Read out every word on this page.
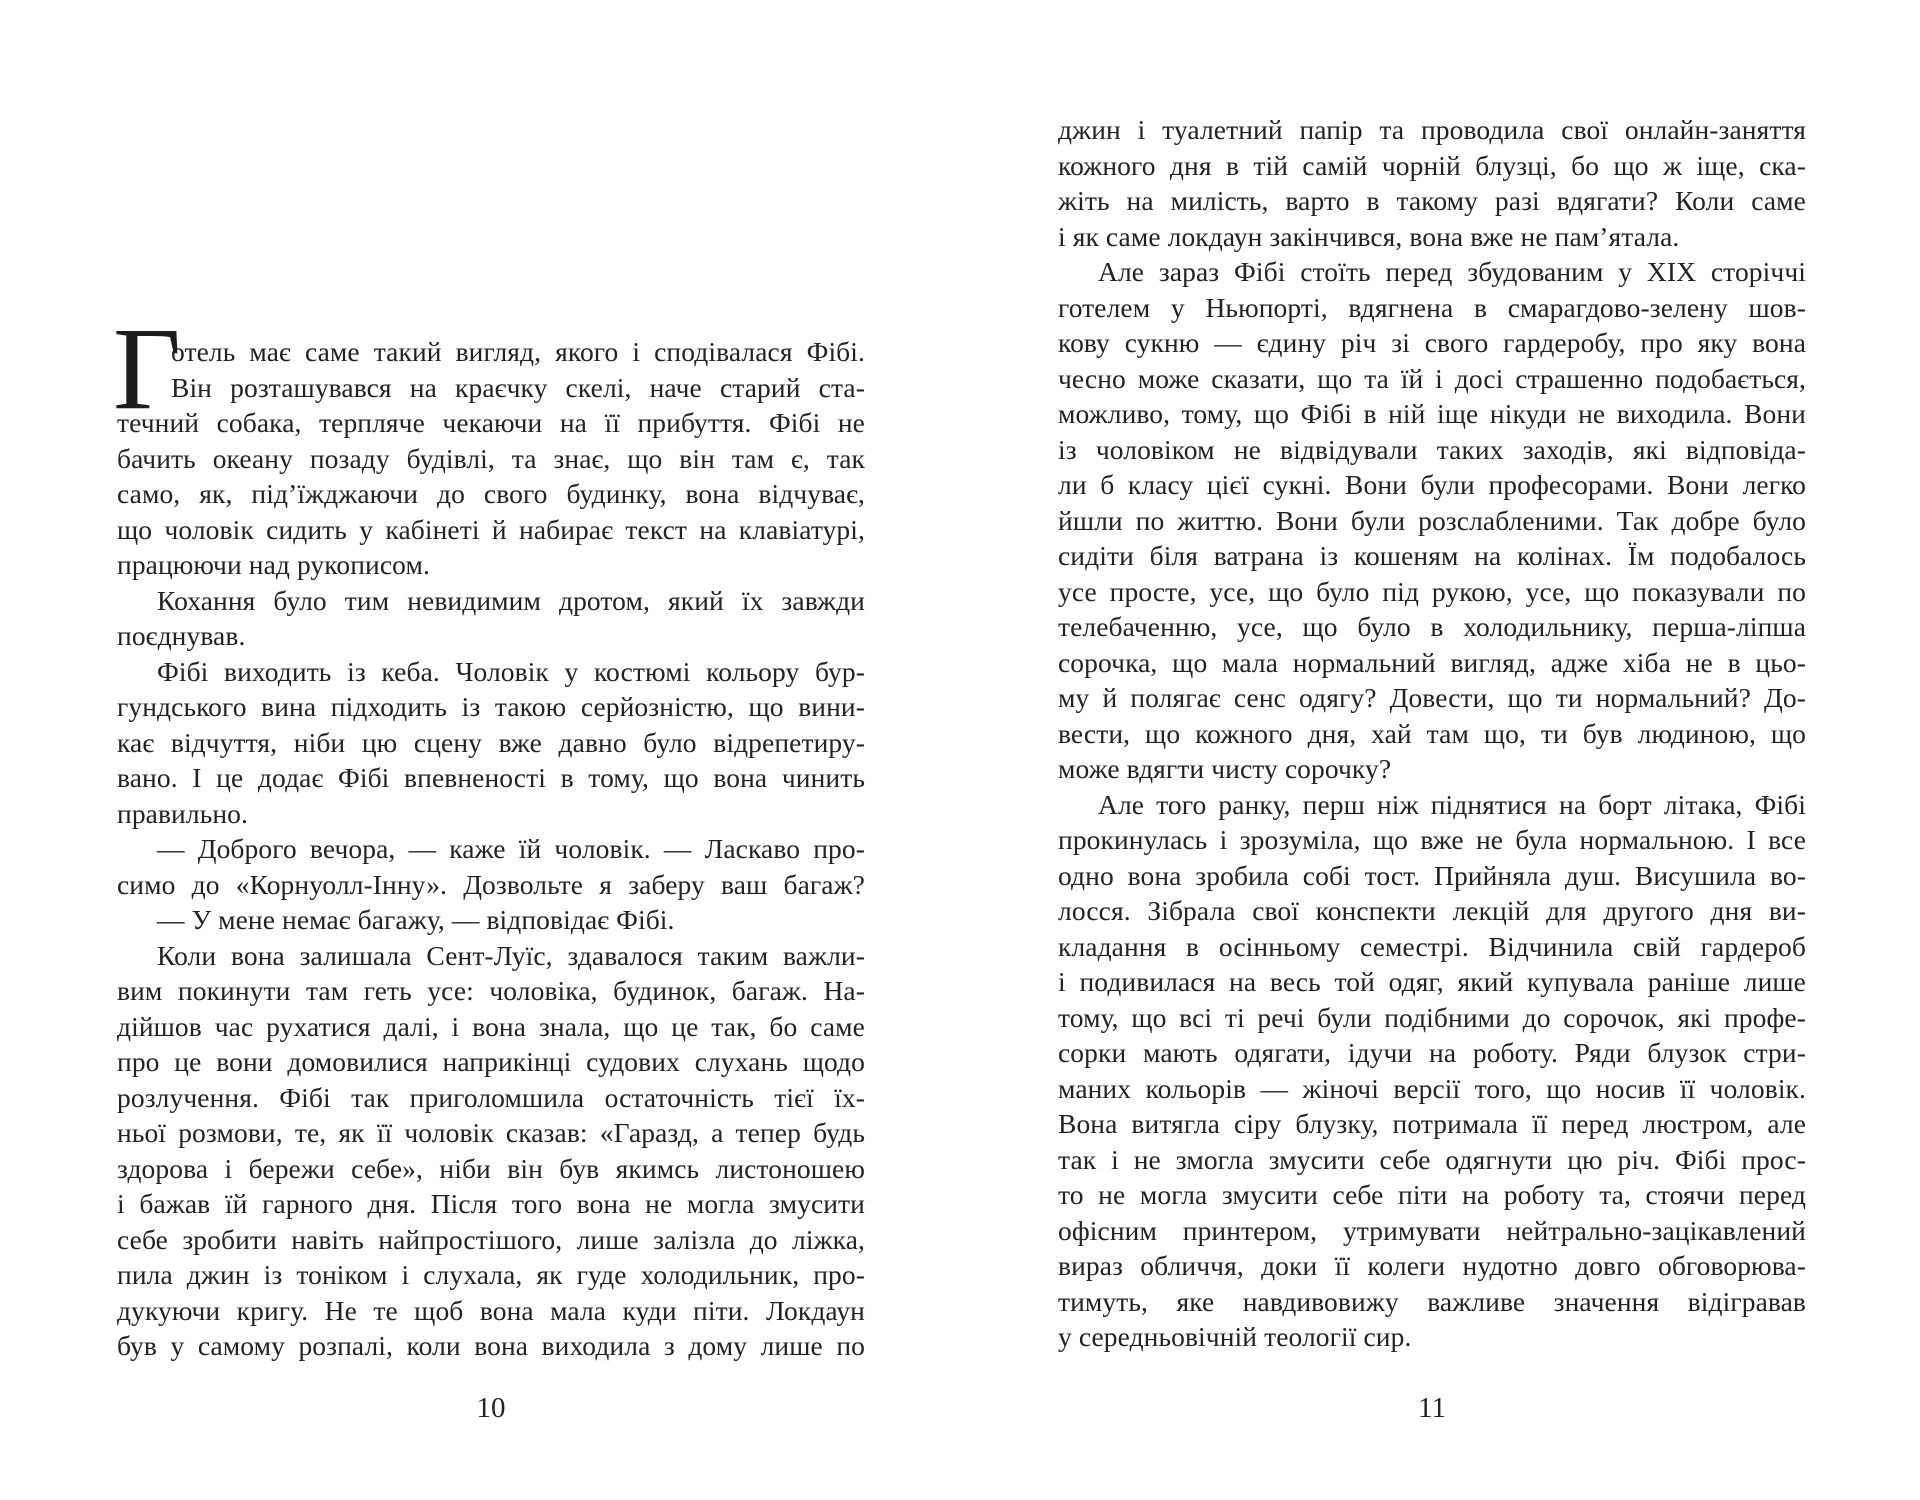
Г
отель має саме такий вигляд, якого і сподівалася Фібі.
Він розташувався на краєчку скелі, наче старий ста-
течний собака, терпляче чекаючи на її прибуття. Фібі не
бачить океану позаду будівлі, та знає, що він там є, так
само, як, під’їжджаючи до свого будинку, вона відчуває,
що чоловік сидить у кабінеті й набирає текст на клавіатурі,
працюючи над рукописом.
Кохання було тим невидимим дротом, який їх завжди
поєднував.
Фібі виходить із кеба. Чоловік у костюмі кольору бур-
гундського вина підходить із такою серйозністю, що вини-
кає відчуття, ніби цю сцену вже давно було відрепетиру-
вано. І це додає Фібі впевненості в тому, що вона чинить
правильно.
— Доброго вечора, — каже їй чоловік. — Ласкаво про-
симо до «Корнуолл-Інну». Дозвольте я заберу ваш багаж?
— У мене немає багажу, — відповідає Фібі.
Коли вона залишала Сент-Луїс, здавалося таким важли-
вим покинути там геть усе: чоловіка, будинок, багаж. На-
дійшов час рухатися далі, і вона знала, що це так, бо саме
про це вони домовилися наприкінці судових слухань щодо
розлучення. Фібі так приголомшила остаточність тієї їх-
ньої розмови, те, як її чоловік сказав: «Гаразд, а тепер будь
здорова і бережи себе», ніби він був якимсь листоношею
і бажав їй гарного дня. Після того вона не могла змусити
себе зробити навіть найпростішого, лише залізла до ліжка,
пила джин із тоніком і слухала, як гуде холодильник, про-
дукуючи кригу. Не те щоб вона мала куди піти. Локдаун
був у самому розпалі, коли вона виходила з дому лише по
джин і туалетний папір та проводила свої онлайн-заняття
кожного дня в тій самій чорній блузці, бо що ж іще, ска-
жіть на милість, варто в такому разі вдягати? Коли саме
і як саме локдаун закінчився, вона вже не пам’ятала.
Але зараз Фібі стоїть перед збудованим у XIX сторіччі
готелем у Ньюпорті, вдягнена в смарагдово-зелену шов-
кову сукню — єдину річ зі свого гардеробу, про яку вона
чесно може сказати, що та їй і досі страшенно подобається,
можливо, тому, що Фібі в ній іще нікуди не виходила. Вони
із чоловіком не відвідували таких заходів, які відповіда-
ли б класу цієї сукні. Вони були професорами. Вони легко
йшли по життю. Вони були розслабленими. Так добре було
сидіти біля ватрана із кошеням на колінах. Їм подобалось
усе просте, усе, що було під рукою, усе, що показували по
телебаченню, усе, що було в холодильнику, перша-ліпша
сорочка, що мала нормальний вигляд, адже хіба не в цьо-
му й полягає сенс одягу? Довести, що ти нормальний? До-
вести, що кожного дня, хай там що, ти був людиною, що
може вдягти чисту сорочку?
Але того ранку, перш ніж піднятися на борт літака, Фібі
прокинулась і зрозуміла, що вже не була нормальною. І все
одно вона зробила собі тост. Прийняла душ. Висушила во-
лосся. Зібрала свої конспекти лекцій для другого дня ви-
кладання в осінньому семестрі. Відчинила свій гардероб
і подивилася на весь той одяг, який купувала раніше лише
тому, що всі ті речі були подібними до сорочок, які профе-
сорки мають одягати, ідучи на роботу. Ряди блузок стри-
маних кольорів — жіночі версії того, що носив її чоловік.
Вона витягла сіру блузку, потримала її перед люстром, але
так і не змогла змусити себе одягнути цю річ. Фібі прос-
то не могла змусити себе піти на роботу та, стоячи перед
офісним принтером, утримувати нейтрально-зацікавлений
вираз обличчя, доки її колеги нудотно довго обговорюва-
тимуть, яке навдивовижу важливе значення відігравав
у середньовічній теології сир.
10	11
